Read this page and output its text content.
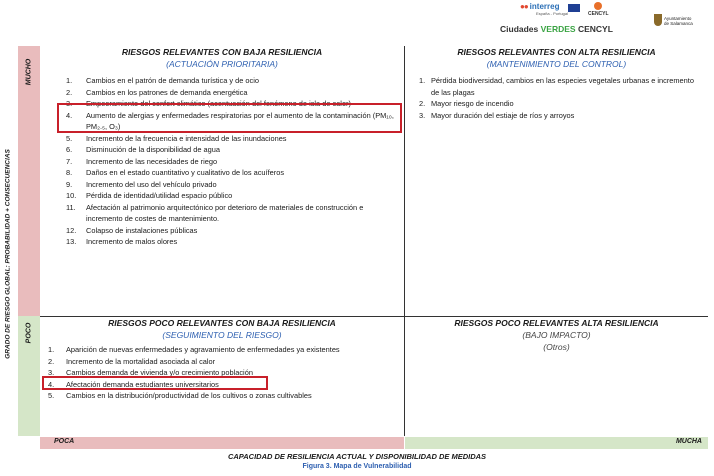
●● interreg
España - Portugal	CENCYL
Ciudades VERDES CENCYL
Ayuntamiento
de Salamanca
GRADO DE RIESGO GLOBAL: PROBABILIDAD + CONSECUENCIAS
MUCHO
POCO
RIESGOS RELEVANTES CON BAJA RESILIENCIA
(ACTUACIÓN PRIORITARIA)
1. Cambios en el patrón de demanda turística y de ocio
2. Cambios en los patrones de demanda energética
3. Empeoramiento del confort climático (acentuación del fenómeno de isla de calor)
4. Aumento de alergias y enfermedades respiratorias por el aumento de la contaminación (PM₁₀, PM₂.₅, O₃)
5. Incremento de la frecuencia e intensidad de las inundaciones
6. Disminución de la disponibilidad de agua
7. Incremento de las necesidades de riego
8. Daños en el estado cuantitativo y cualitativo de los acuíferos
9. Incremento del uso del vehículo privado
10. Pérdida de identidad/utilidad espacio público
11. Afectación al patrimonio arquitectónico por deterioro de materiales de construcción e incremento de costes de mantenimiento.
12. Colapso de instalaciones públicas
13. Incremento de malos olores
RIESGOS RELEVANTES CON ALTA RESILIENCIA
(MANTENIMIENTO DEL CONTROL)
1. Pérdida biodiversidad, cambios en las especies vegetales urbanas e incremento de las plagas
2. Mayor riesgo de incendio
3. Mayor duración del estiaje de ríos y arroyos
RIESGOS POCO RELEVANTES CON BAJA RESILIENCIA
(SEGUIMIENTO DEL RIESGO)
1. Aparición de nuevas enfermedades y agravamiento de enfermedades ya existentes
2. Incremento de la mortalidad asociada al calor
3. Cambios demanda de vivienda y/o crecimiento población
4. Afectación demanda estudiantes universitarios
5. Cambios en la distribución/productividad de los cultivos o zonas cultivables
RIESGOS POCO RELEVANTES ALTA RESILIENCIA
(BAJO IMPACTO)
(Otros)
POCA	MUCHA
CAPACIDAD DE RESILIENCIA ACTUAL Y DISPONIBILIDAD DE MEDIDAS
Figura 3. Mapa de Vulnerabilidad
